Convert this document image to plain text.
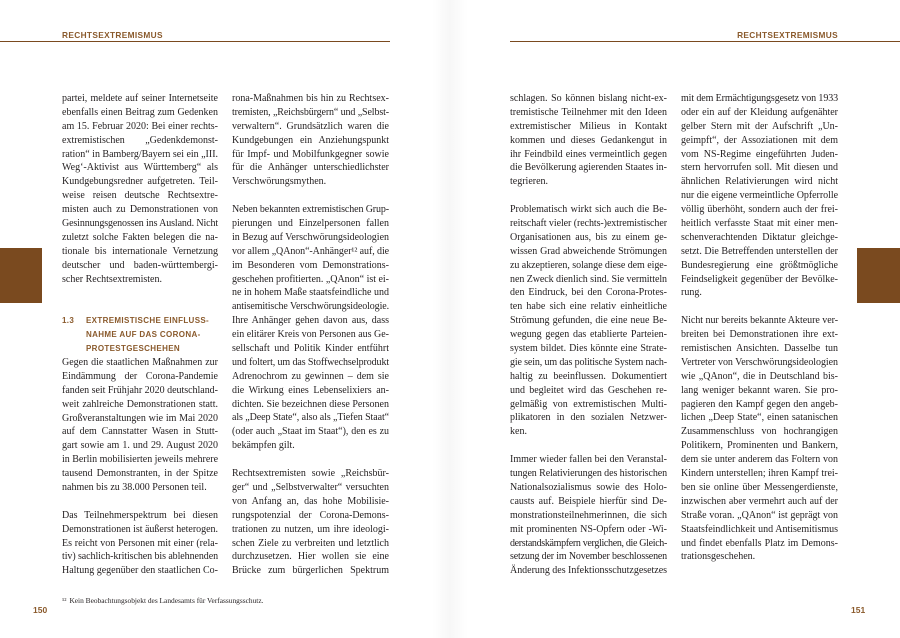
RECHTSEXTREMISMUS
partei, meldete auf seiner Internetseite
ebenfalls einen Beitrag zum Gedenken
am 15. Februar 2020: Bei einer rechts-
extremistischen „Gedenkdemonst-
ration“ in Bamberg/Bayern sei ein „III.
Weg‘-Aktivist aus Württemberg“ als
Kundgebungsredner aufgetreten. Teil-
weise reisen deutsche Rechtsextre-
misten auch zu Demonstrationen von
Gesinnungsgenossen ins Ausland. Nicht
zuletzt solche Fakten belegen die na-
tionale bis internationale Vernetzung
deutscher und baden-württembergi-
scher Rechtsextremisten.
1.3 EXTREMISTISCHE EINFLUSS-
NAHME AUF DAS CORONA-
PROTESTGESCHEHEN
Gegen die staatlichen Maßnahmen zur
Eindämmung der Corona-Pandemie
fanden seit Frühjahr 2020 deutschland-
weit zahlreiche Demonstrationen statt.
Großveranstaltungen wie im Mai 2020
auf dem Cannstatter Wasen in Stutt-
gart sowie am 1. und 29. August 2020
in Berlin mobilisierten jeweils mehrere
tausend Demonstranten, in der Spitze
nahmen bis zu 38.000 Personen teil.
Das Teilnehmerspektrum bei diesen
Demonstrationen ist äußerst heterogen.
Es reicht von Personen mit einer (rela-
tiv) sachlich-kritischen bis ablehnenden
Haltung gegenüber den staatlichen Co-
rona-Maßnahmen bis hin zu Rechtsex-
tremisten, „Reichsbürgern“ und „Selbst-
verwaltern“. Grundsätzlich waren die
Kundgebungen ein Anziehungspunkt
für Impf- und Mobilfunkgegner sowie
für die Anhänger unterschiedlichster
Verschwörungsmythen.
Neben bekannten extremistischen Grup-
pierungen und Einzelpersonen fallen
in Bezug auf Verschwörungsideologien
vor allem „QAnon“-Anhänger¹² auf, die
im Besonderen vom Demonstrations-
geschehen profitierten. „QAnon“ ist ei-
ne in hohem Maße staatsfeindliche und
antisemitische Verschwörungsideologie.
Ihre Anhänger gehen davon aus, dass
ein elitärer Kreis von Personen aus Ge-
sellschaft und Politik Kinder entführt
und foltert, um das Stoffwechselprodukt
Adrenochrom zu gewinnen – dem sie
die Wirkung eines Lebenselixiers an-
dichten. Sie bezeichnen diese Personen
als „Deep State“, also als „Tiefen Staat“
(oder auch „Staat im Staat“), den es zu
bekämpfen gilt.
Rechtsextremisten sowie „Reichsbür-
ger“ und „Selbstverwalter“ versuchten
von Anfang an, das hohe Mobilisie-
rungspotenzial der Corona-Demons-
trationen zu nutzen, um ihre ideologi-
schen Ziele zu verbreiten und letztlich
durchzusetzen. Hier wollen sie eine
Brücke zum bürgerlichen Spektrum
¹² Kein Beobachtungsobjekt des Landesamts für Verfassungsschutz.
150
RECHTSEXTREMISMUS
schlagen. So können bislang nicht-ex-
tremistische Teilnehmer mit den Ideen
extremistischer Milieus in Kontakt
kommen und dieses Gedankengut in
ihr Feindbild eines vermeintlich gegen
die Bevölkerung agierenden Staates in-
tegrieren.
Problematisch wirkt sich auch die Be-
reitschaft vieler (rechts-)extremistischer
Organisationen aus, bis zu einem ge-
wissen Grad abweichende Strömungen
zu akzeptieren, solange diese dem eige-
nen Zweck dienlich sind. Sie vermitteln
den Eindruck, bei den Corona-Protes-
ten habe sich eine relativ einheitliche
Strömung gefunden, die eine neue Be-
wegung gegen das etablierte Parteien-
system bildet. Dies könnte eine Strate-
gie sein, um das politische System nach-
haltig zu beeinflussen. Dokumentiert
und begleitet wird das Geschehen re-
gelmäßig von extremistischen Multi-
plikatoren in den sozialen Netzwer-
ken.
Immer wieder fallen bei den Veranstal-
tungen Relativierungen des historischen
Nationalsozialismus sowie des Holo-
causts auf. Beispiele hierfür sind De-
monstrationsteilnehmerinnen, die sich
mit prominenten NS-Opfern oder -Wi-
derstandskämpfern verglichen, die Gleich-
setzung der im November beschlossenen
Änderung des Infektionsschutzgesetzes
mit dem Ermächtigungsgesetz von 1933
oder ein auf der Kleidung aufgenähter
gelber Stern mit der Aufschrift „Un-
geimpft“, der Assoziationen mit dem
vom NS-Regime eingeführten Juden-
stern hervorrufen soll. Mit diesen und
ähnlichen Relativierungen wird nicht
nur die eigene vermeintliche Opferrolle
völlig überhöht, sondern auch der frei-
heitlich verfasste Staat mit einer men-
schenverachtenden Diktatur gleichge-
setzt. Die Betreffenden unterstellen der
Bundesregierung eine größtmögliche
Feindseligkeit gegenüber der Bevölke-
rung.
Nicht nur bereits bekannte Akteure ver-
breiten bei Demonstrationen ihre ext-
remistischen Ansichten. Dasselbe tun
Vertreter von Verschwörungsideologien
wie „QAnon“, die in Deutschland bis-
lang weniger bekannt waren. Sie pro-
pagieren den Kampf gegen den angeb-
lichen „Deep State“, einen satanischen
Zusammenschluss von hochrangigen
Politikern, Prominenten und Bankern,
dem sie unter anderem das Foltern von
Kindern unterstellen; ihren Kampf trei-
ben sie online über Messengerdienste,
inzwischen aber vermehrt auch auf der
Straße voran. „QAnon“ ist geprägt von
Staatsfeindlichkeit und Antisemitismus
und findet ebenfalls Platz im Demons-
trationsgeschehen.
151
